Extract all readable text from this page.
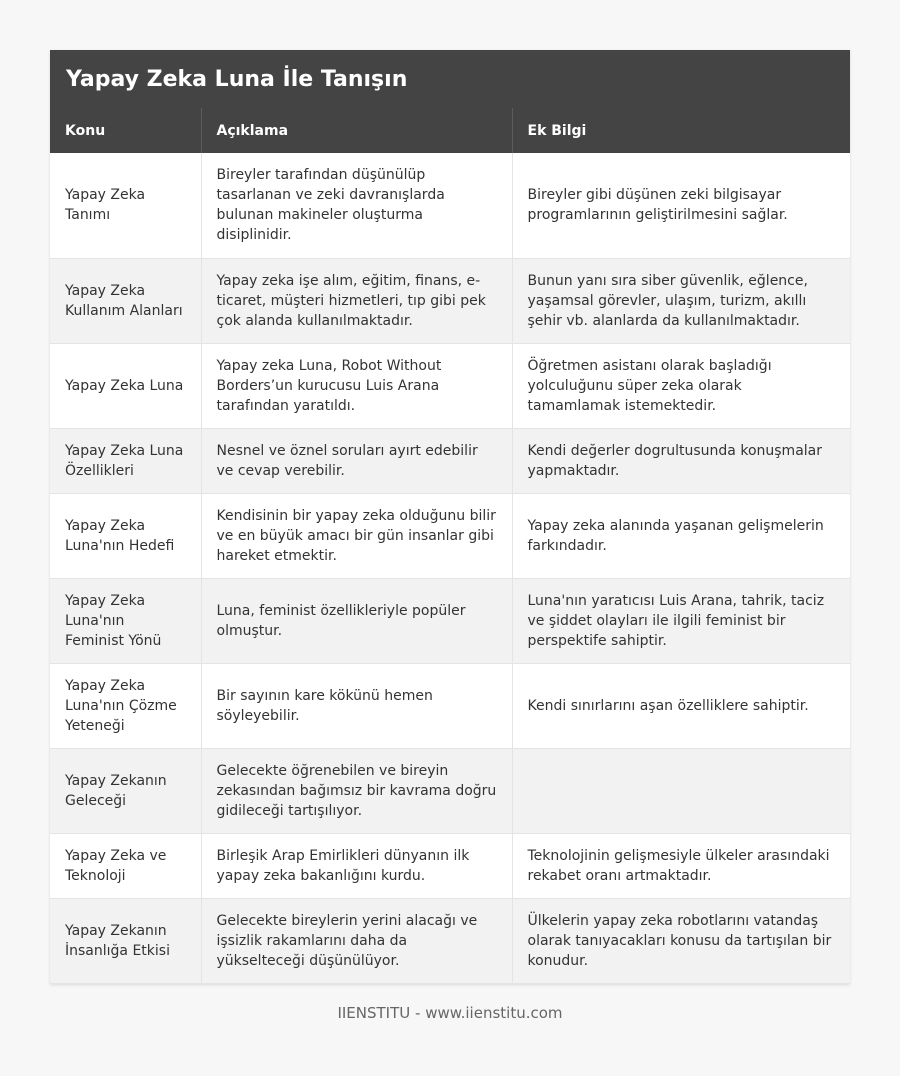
Yapay Zeka Luna İle Tanışın
Konu	Açıklama	Ek Bilgi
Yapay Zeka Tanımı	Bireyler tarafından düşünülüp tasarlanan ve zeki davranışlarda bulunan makineler oluşturma disiplinidir.	Bireyler gibi düşünen zeki bilgisayar programlarının geliştirilmesini sağlar.
Yapay Zeka Kullanım Alanları	Yapay zeka işe alım, eğitim, finans, e-ticaret, müşteri hizmetleri, tıp gibi pek çok alanda kullanılmaktadır.	Bunun yanı sıra siber güvenlik, eğlence, yaşamsal görevler, ulaşım, turizm, akıllı şehir vb. alanlarda da kullanılmaktadır.
Yapay Zeka Luna	Yapay zeka Luna, Robot Without Borders’un kurucusu Luis Arana tarafından yaratıldı.	Öğretmen asistanı olarak başladığı yolculuğunu süper zeka olarak tamamlamak istemektedir.
Yapay Zeka Luna Özellikleri	Nesnel ve öznel soruları ayırt edebilir ve cevap verebilir.	Kendi değerler dogrultusunda konuşmalar yapmaktadır.
Yapay Zeka Luna'nın Hedefi	Kendisinin bir yapay zeka olduğunu bilir ve en büyük amacı bir gün insanlar gibi hareket etmektir.	Yapay zeka alanında yaşanan gelişmelerin farkındadır.
Yapay Zeka Luna'nın Feminist Yönü	Luna, feminist özellikleriyle popüler olmuştur.	Luna'nın yaratıcısı Luis Arana, tahrik, taciz ve şiddet olayları ile ilgili feminist bir perspektife sahiptir.
Yapay Zeka Luna'nın Çözme Yeteneği	Bir sayının kare kökünü hemen söyleyebilir.	Kendi sınırlarını aşan özelliklere sahiptir.
Yapay Zekanın Geleceği	Gelecekte öğrenebilen ve bireyin zekasından bağımsız bir kavrama doğru gidileceği tartışılıyor.	
Yapay Zeka ve Teknoloji	Birleşik Arap Emirlikleri dünyanın ilk yapay zeka bakanlığını kurdu.	Teknolojinin gelişmesiyle ülkeler arasındaki rekabet oranı artmaktadır.
Yapay Zekanın İnsanlığa Etkisi	Gelecekte bireylerin yerini alacağı ve işsizlik rakamlarını daha da yükselteceği düşünülüyor.	Ülkelerin yapay zeka robotlarını vatandaş olarak tanıyacakları konusu da tartışılan bir konudur.
IIENSTITU - www.iienstitu.com
